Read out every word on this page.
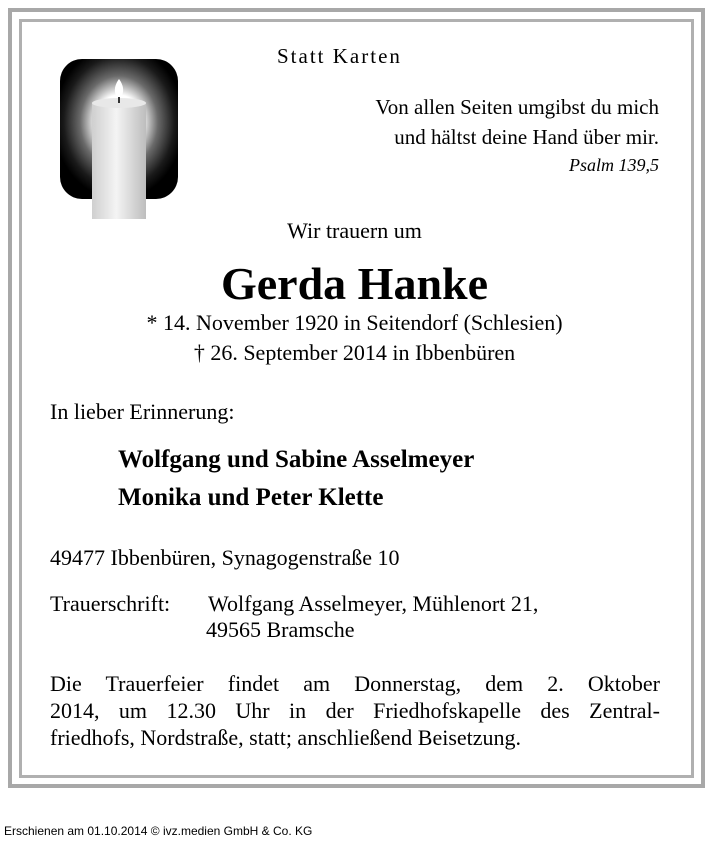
Statt Karten
Von allen Seiten umgibst du mich
und hältst deine Hand über mir.
Psalm 139,5
Wir trauern um
Gerda Hanke
* 14. November 1920 in Seitendorf (Schlesien)
† 26. September 2014 in Ibbenbüren
In lieber Erinnerung:
Wolfgang und Sabine Asselmeyer
Monika und Peter Klette
49477 Ibbenbüren, Synagogenstraße 10
Trauerschrift: Wolfgang Asselmeyer, Mühlenort 21,
49565 Bramsche
Die Trauerfeier findet am Donnerstag, dem 2. Oktober
2014, um 12.30 Uhr in der Friedhofskapelle des Zentral-
friedhofs, Nordstraße, statt; anschließend Beisetzung.
Erschienen am 01.10.2014 © ivz.medien GmbH & Co. KG
